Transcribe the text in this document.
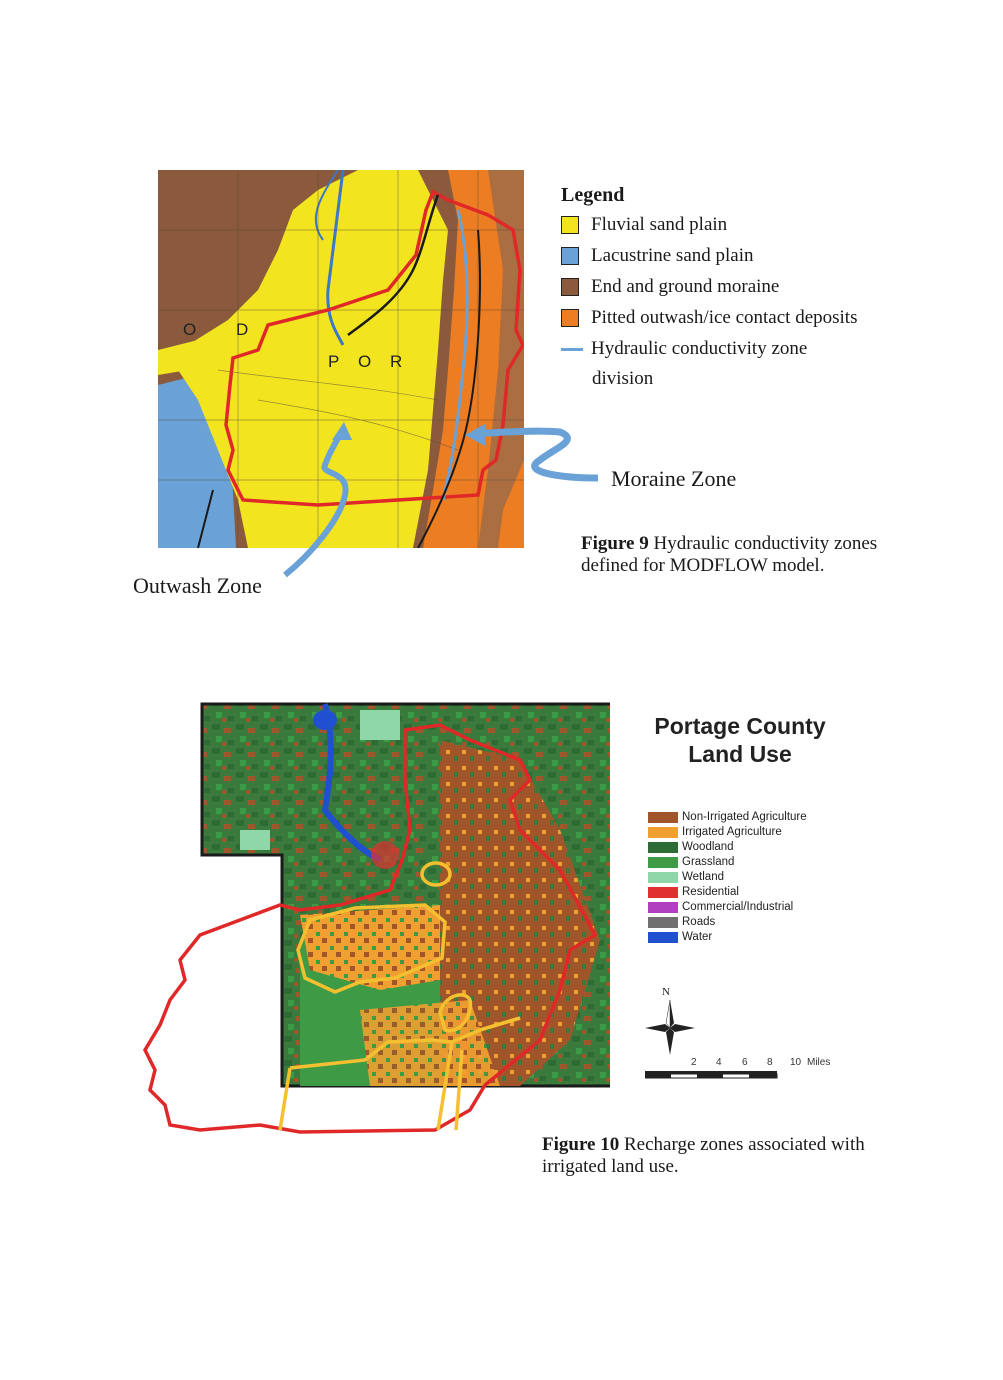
O D
P O R
Legend
Fluvial sand plain
Lacustrine sand plain
End and ground moraine
Pitted outwash/ice contact deposits
Hydraulic conductivity zone
division
Moraine Zone
Outwash Zone
Figure 9 Hydraulic conductivity zones
defined for MODFLOW model.
Portage County
Land Use
Non-Irrigated Agriculture
Irrigated Agriculture
Woodland
Grassland
Wetland
Residential
Commercial/Industrial
Roads
Water
N
2 4 6 8 10 Miles
Figure 10 Recharge zones associated with
irrigated land use.
